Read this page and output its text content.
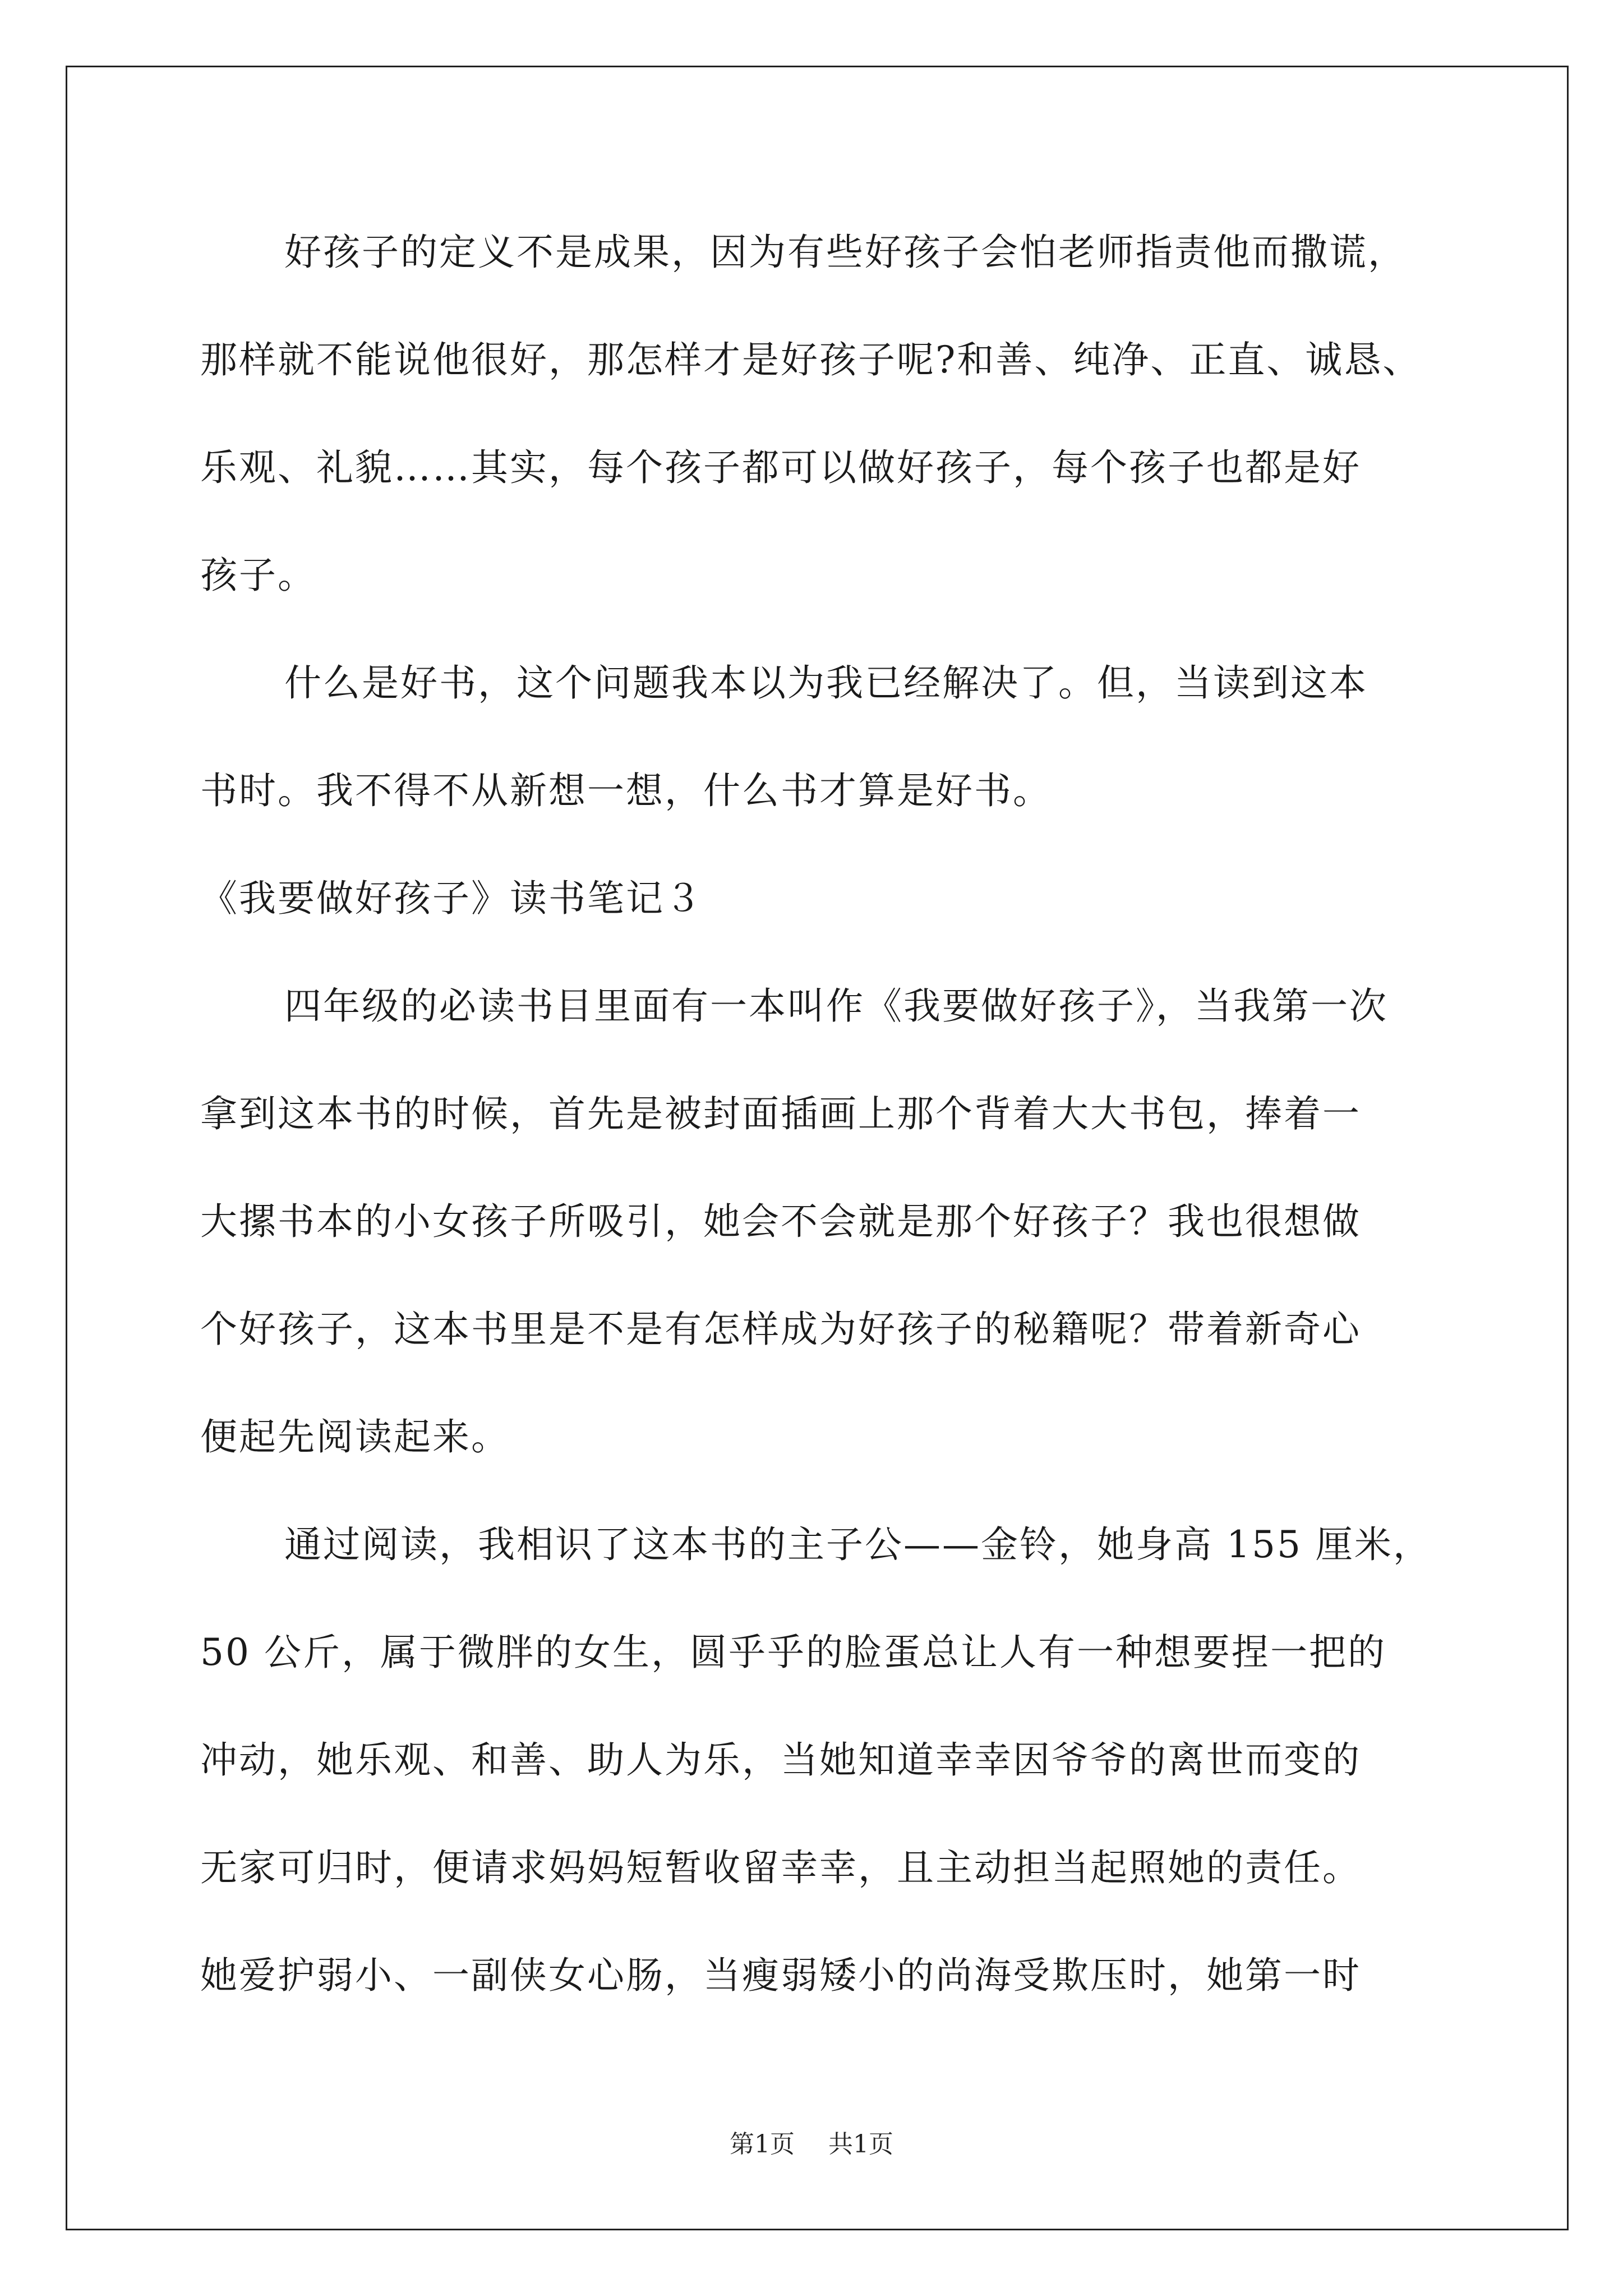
好孩子的定义不是成果，因为有些好孩子会怕老师指责他而撒谎，
那样就不能说他很好，那怎样才是好孩子呢?和善、纯净、正直、诚恳、
乐观、礼貌……其实，每个孩子都可以做好孩子，每个孩子也都是好
孩子。
什么是好书，这个问题我本以为我已经解决了。但，当读到这本
书时。我不得不从新想一想，什么书才算是好书。
《我要做好孩子》读书笔记３
四年级的必读书目里面有一本叫作《我要做好孩子》，当我第一次
拿到这本书的时候，首先是被封面插画上那个背着大大书包，捧着一
大摞书本的小女孩子所吸引，她会不会就是那个好孩子？我也很想做
个好孩子，这本书里是不是有怎样成为好孩子的秘籍呢？带着新奇心
便起先阅读起来。
通过阅读，我相识了这本书的主子公——金铃，她身高 155 厘米，
50 公斤，属于微胖的女生，圆乎乎的脸蛋总让人有一种想要捏一把的
冲动，她乐观、和善、助人为乐，当她知道幸幸因爷爷的离世而变的
无家可归时，便请求妈妈短暂收留幸幸，且主动担当起照她的责任。
她爱护弱小、一副侠女心肠，当瘦弱矮小的尚海受欺压时，她第一时
第1页 共1页
